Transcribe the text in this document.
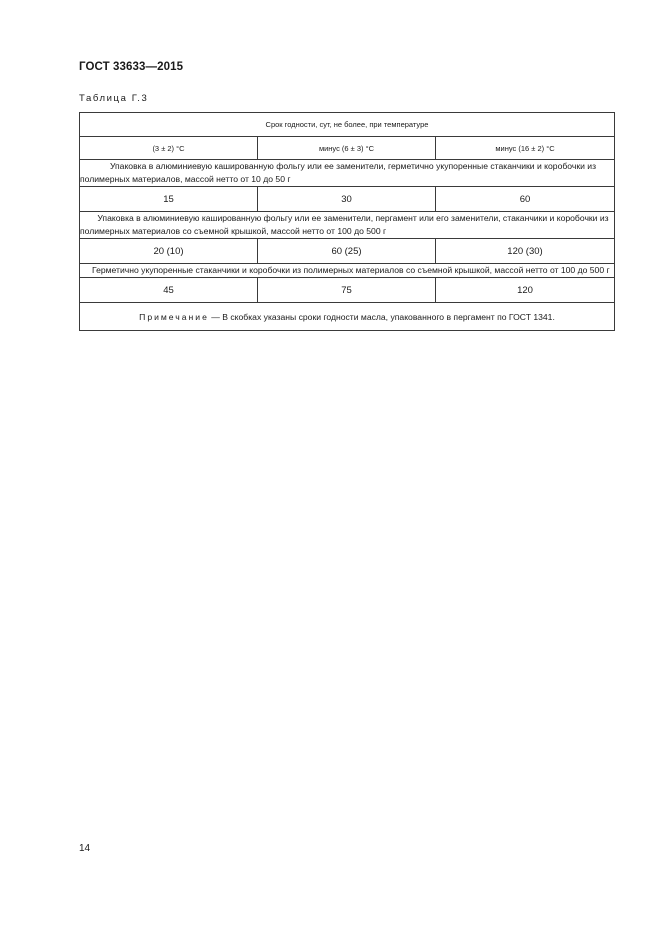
ГОСТ 33633—2015
Таблица Г.3
Срок годности, сут, не более, при температуре		
(3 ± 2) °С	минус (6 ± 3) °С	минус (16 ± 2) °С
Упаковка в алюминиевую кашированную фольгу или ее заменители, герметично укупоренные стаканчики и коробочки из полимерных материалов, массой нетто от 10 до 50 г		
15	30	60
Упаковка в алюминиевую кашированную фольгу или ее заменители, пергамент или его заменители, стаканчики и коробочки из полимерных материалов со съемной крышкой, массой нетто от 100 до 500 г		
20 (10)	60 (25)	120 (30)
Герметично укупоренные стаканчики и коробочки из полимерных материалов со съемной крышкой, массой нетто от 100 до 500 г		
45	75	120
Примечание — В скобках указаны сроки годности масла, упакованного в пергамент по ГОСТ 1341.		
14
